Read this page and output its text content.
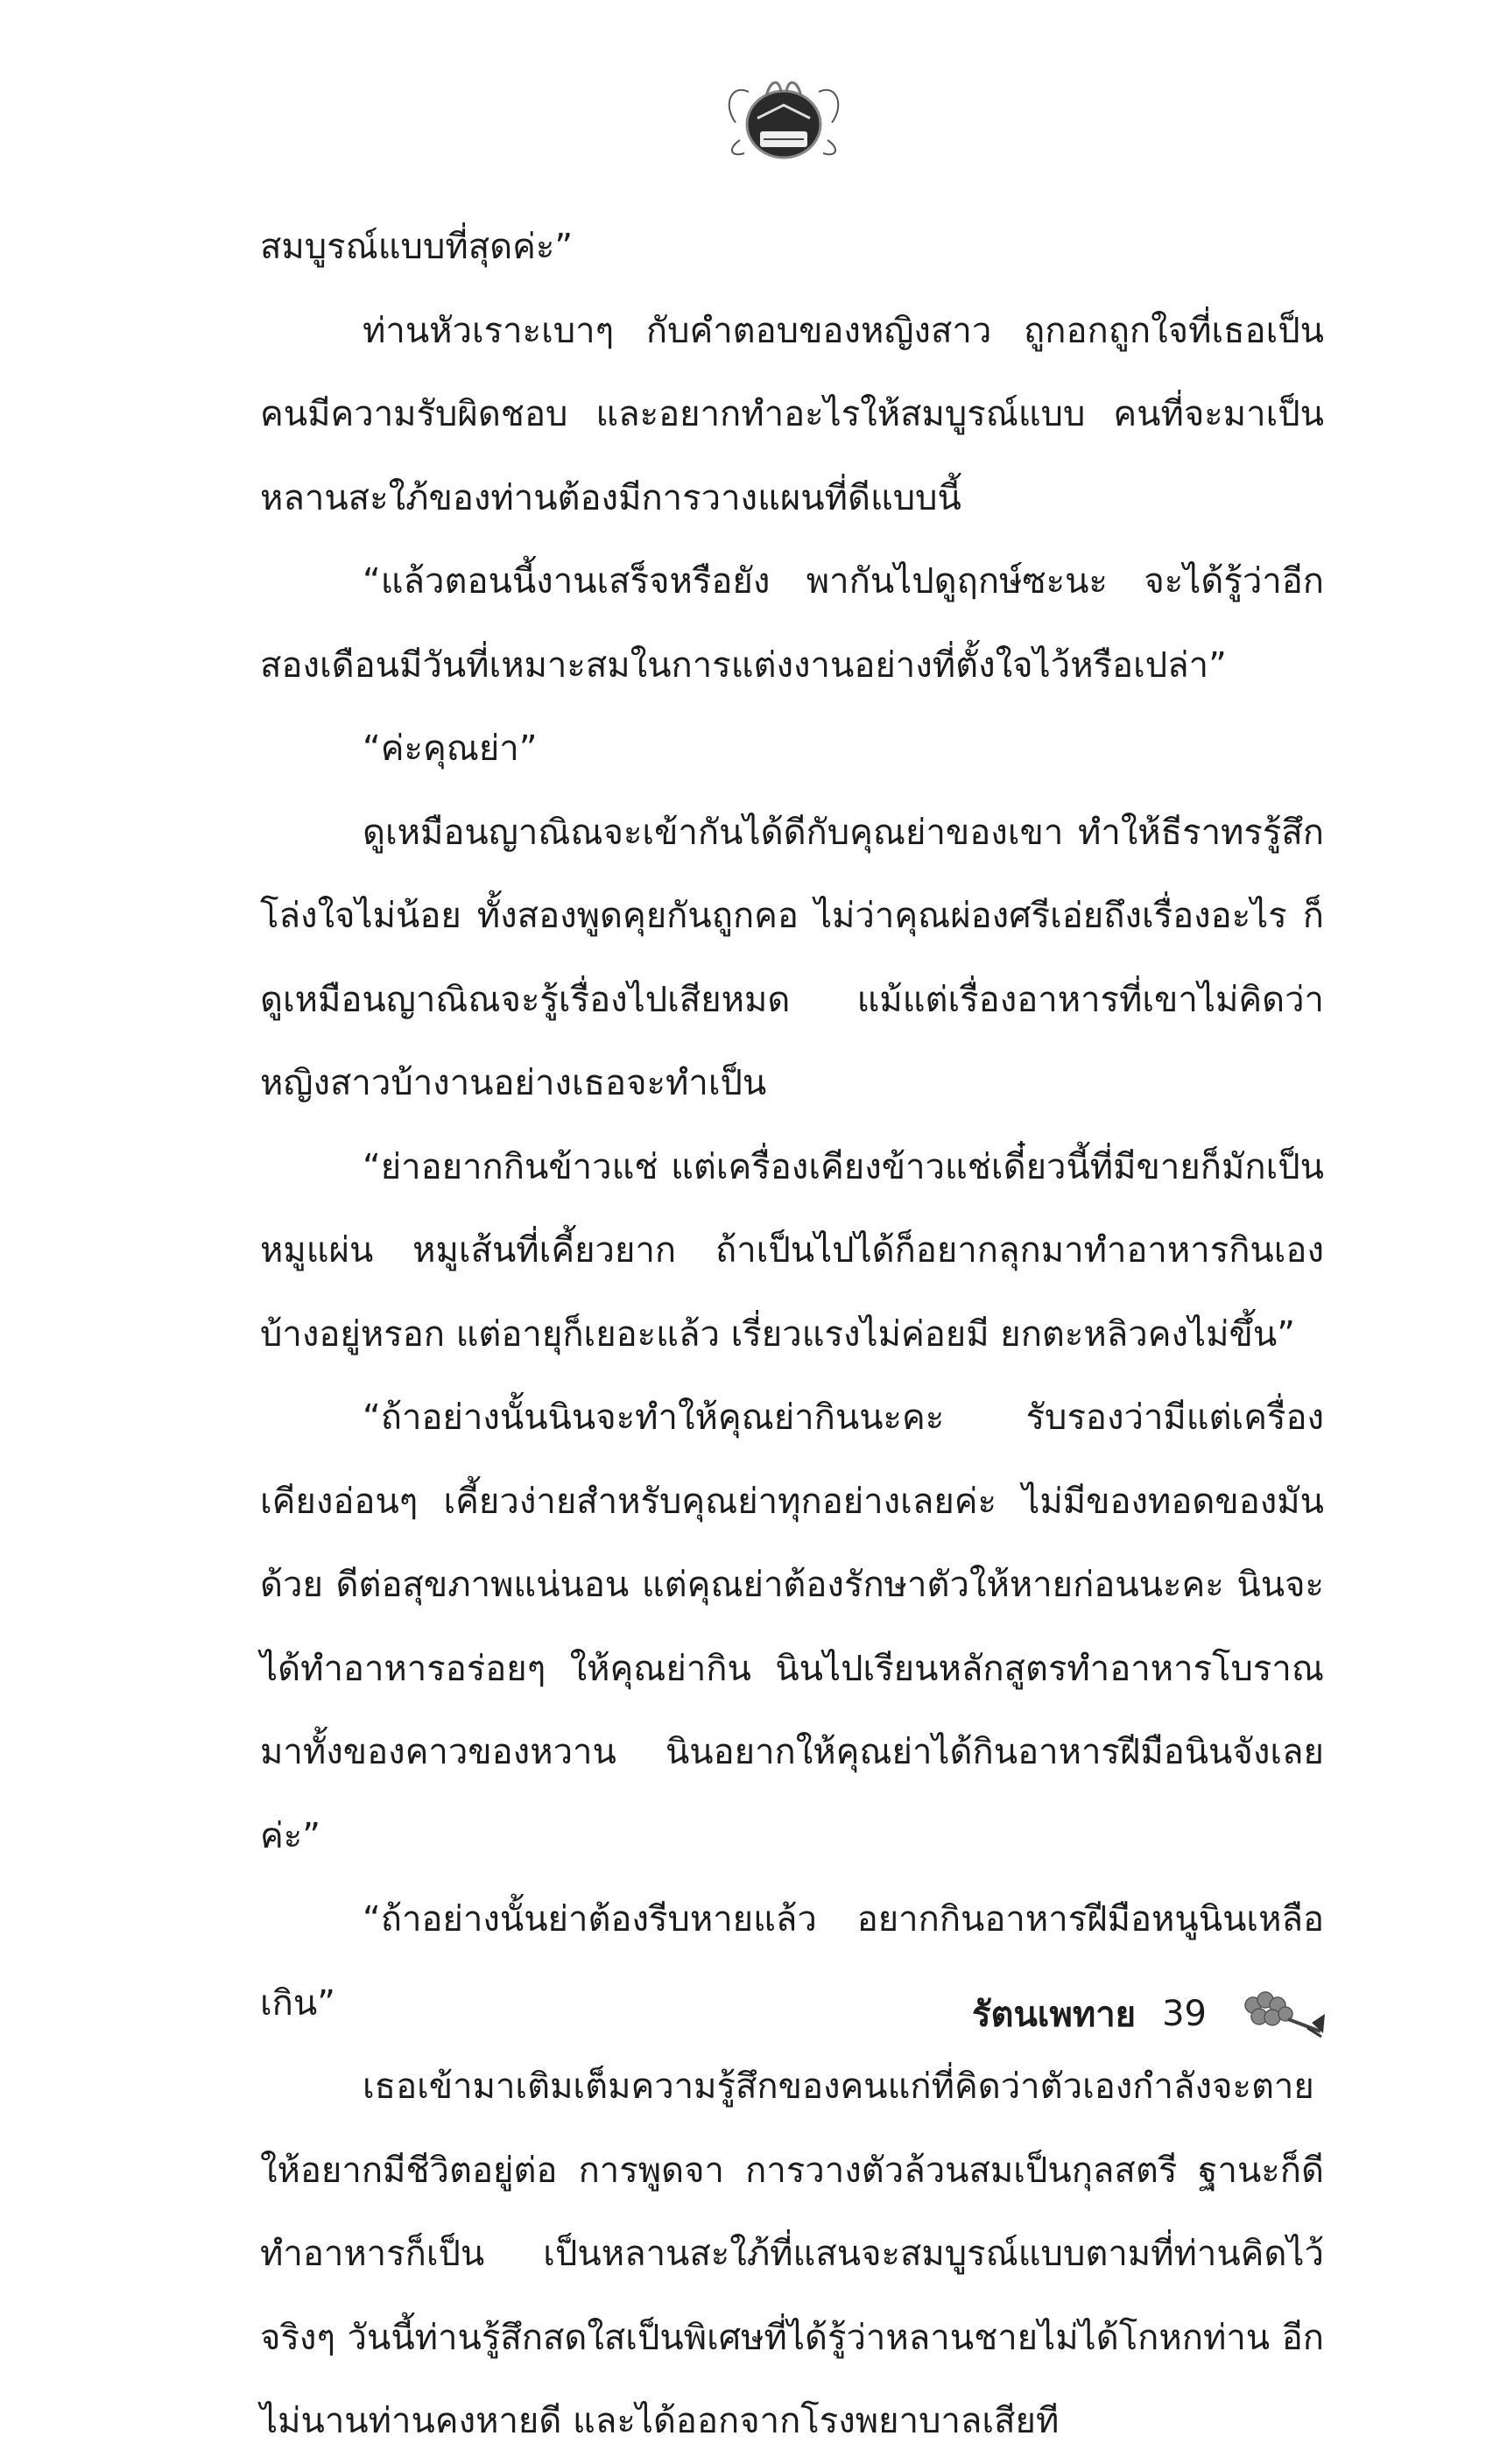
สมบูรณ์แบบที่สุดค่ะ”

ท่านหัวเราะเบาๆ กับคำตอบของหญิงสาว ถูกอกถูกใจที่เธอเป็นคนมีความรับผิดชอบ และอยากทำอะไรให้สมบูรณ์แบบ คนที่จะมาเป็นหลานสะใภ้ของท่านต้องมีการวางแผนที่ดีแบบนี้

“แล้วตอนนี้งานเสร็จหรือยัง พากันไปดูฤกษ์ซะนะ จะได้รู้ว่าอีกสองเดือนมีวันที่เหมาะสมในการแต่งงานอย่างที่ตั้งใจไว้หรือเปล่า”

“ค่ะคุณย่า”

ดูเหมือนญาณิณจะเข้ากันได้ดีกับคุณย่าของเขา ทำให้ธีราทรรู้สึกโล่งใจไม่น้อย ทั้งสองพูดคุยกันถูกคอ ไม่ว่าคุณผ่องศรีเอ่ยถึงเรื่องอะไร ก็ดูเหมือนญาณิณจะรู้เรื่องไปเสียหมด แม้แต่เรื่องอาหารที่เขาไม่คิดว่าหญิงสาวบ้างานอย่างเธอจะทำเป็น

“ย่าอยากกินข้าวแช่ แต่เครื่องเคียงข้าวแช่เดี๋ยวนี้ที่มีขายก็มักเป็นหมูแผ่น หมูเส้นที่เคี้ยวยาก ถ้าเป็นไปได้ก็อยากลุกมาทำอาหารกินเองบ้างอยู่หรอก แต่อายุก็เยอะแล้ว เรี่ยวแรงไม่ค่อยมี ยกตะหลิวคงไม่ขึ้น”

“ถ้าอย่างนั้นนินจะทำให้คุณย่ากินนะคะ รับรองว่ามีแต่เครื่องเคียงอ่อนๆ เคี้ยวง่ายสำหรับคุณย่าทุกอย่างเลยค่ะ ไม่มีของทอดของมันด้วย ดีต่อสุขภาพแน่นอน แต่คุณย่าต้องรักษาตัวให้หายก่อนนะคะ นินจะได้ทำอาหารอร่อยๆ ให้คุณย่ากิน นินไปเรียนหลักสูตรทำอาหารโบราณมาทั้งของคาวของหวาน นินอยากให้คุณย่าได้กินอาหารฝีมือนินจังเลยค่ะ”

“ถ้าอย่างนั้นย่าต้องรีบหายแล้ว อยากกินอาหารฝีมือหนูนินเหลือเกิน”

เธอเข้ามาเติมเต็มความรู้สึกของคนแก่ที่คิดว่าตัวเองกำลังจะตายให้อยากมีชีวิตอยู่ต่อ การพูดจา การวางตัวล้วนสมเป็นกุลสตรี ฐานะก็ดี ทำอาหารก็เป็น เป็นหลานสะใภ้ที่แสนจะสมบูรณ์แบบตามที่ท่านคิดไว้จริงๆ วันนี้ท่านรู้สึกสดใสเป็นพิเศษที่ได้รู้ว่าหลานชายไม่ได้โกหกท่าน อีกไม่นานท่านคงหายดี และได้ออกจากโรงพยาบาลเสียที

รัตนเพทาย 39
